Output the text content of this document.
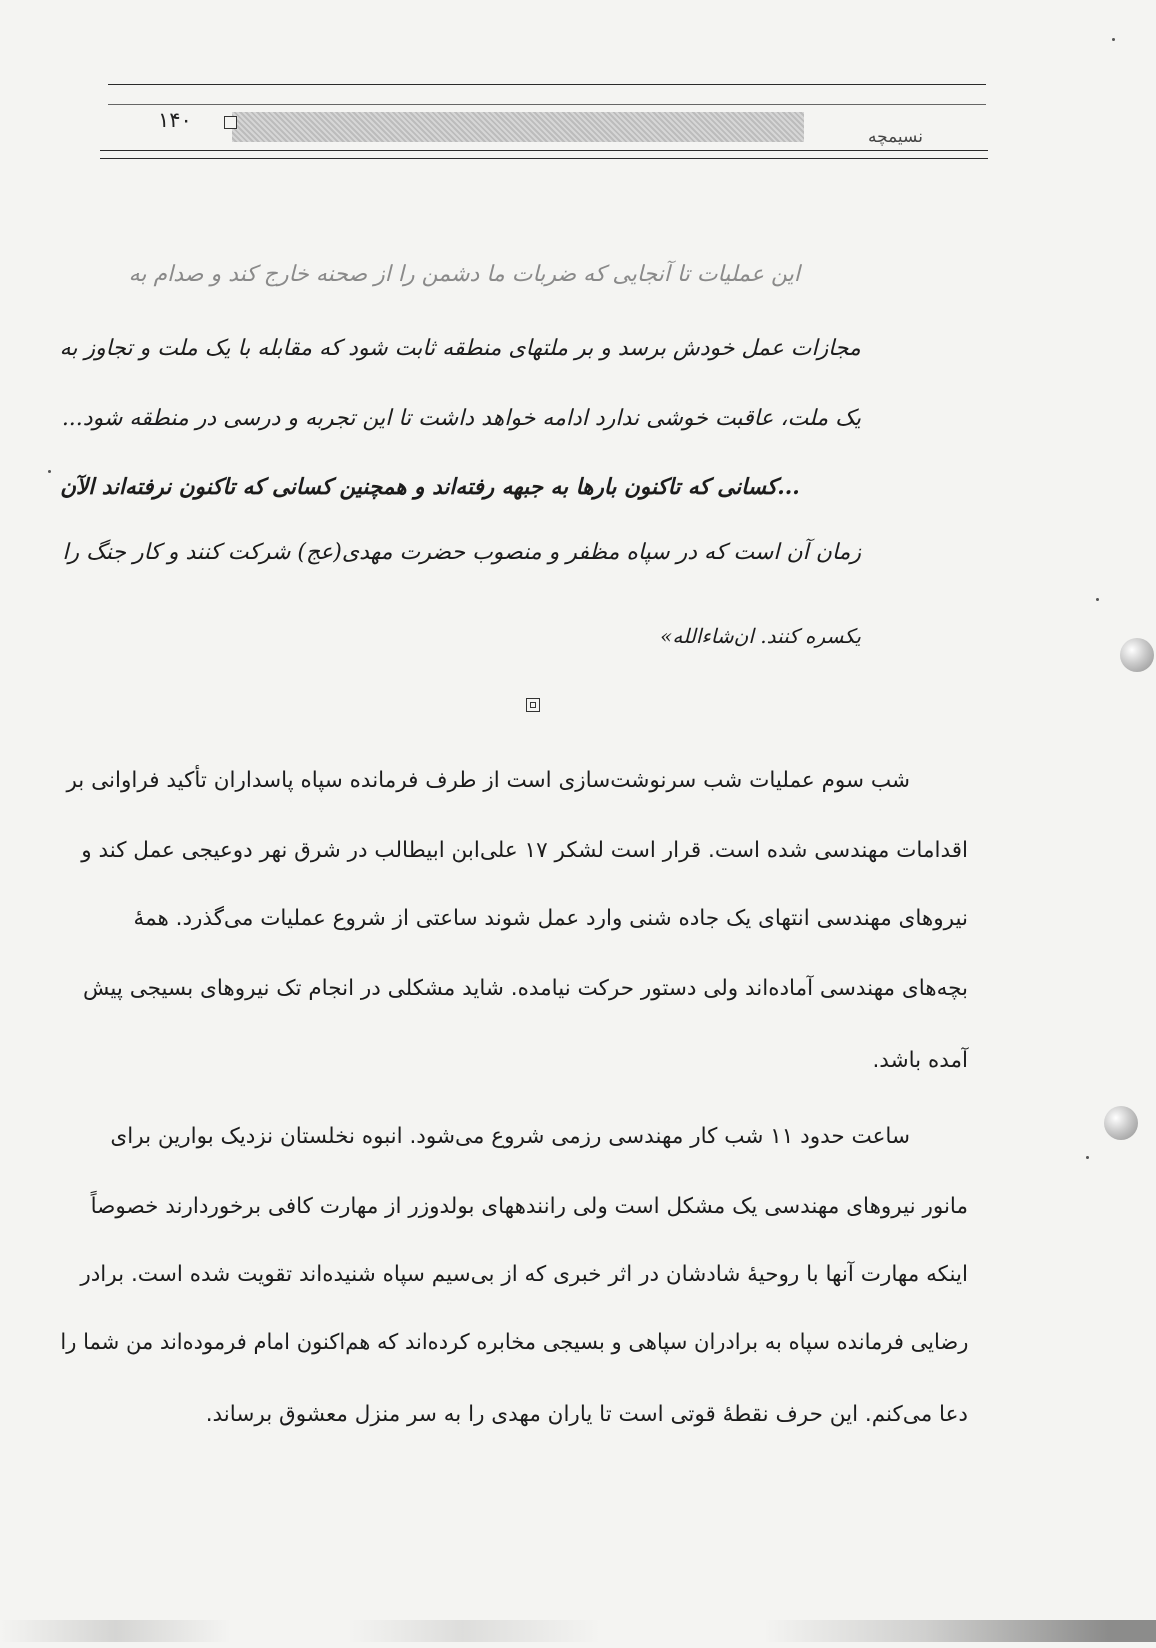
۱۴۰
نسیمچه
این عملیات تا آنجایی که ضربات ما دشمن را از صحنه خارج کند و صدام به
مجازات عمل خودش برسد و بر ملتهای منطقه ثابت شود که مقابله با یک ملت و تجاوز به
یک ملت، عاقبت خوشی ندارد ادامه خواهد داشت تا این تجربه و درسی در منطقه شود...
...کسانی که تاکنون بارها به جبهه رفته‌اند و همچنین کسانی که تاکنون نرفته‌اند الآن
زمان آن است که در سپاه مظفر و منصوب حضرت مهدی(عج) شرکت کنند و کار جنگ را
یکسره کنند. ان‌شاءالله»
شب سوم عملیات شب سرنوشت‌سازی است از طرف فرمانده سپاه پاسداران تأکید فراوانی بر
اقدامات مهندسی شده است. قرار است لشکر ۱۷ علی‌ابن ابیطالب در شرق نهر دوعیجی عمل کند و
نیروهای مهندسی انتهای یک جاده شنی وارد عمل شوند ساعتی از شروع عملیات می‌گذرد. همهٔ
بچه‌های مهندسی آماده‌اند ولی دستور حرکت نیامده. شاید مشکلی در انجام تک نیروهای بسیجی پیش
آمده باشد.
ساعت حدود ۱۱ شب کار مهندسی رزمی شروع می‌شود. انبوه نخلستان نزدیک بوارین برای
مانور نیروهای مهندسی یک مشکل است ولی رانندههای بولدوزر از مهارت کافی برخوردارند خصوصاً
اینکه مهارت آنها با روحیهٔ شادشان در اثر خبری که از بی‌سیم سپاه شنیده‌اند تقویت شده است. برادر
رضایی فرمانده سپاه به برادران سپاهی و بسیجی مخابره کرده‌اند که هم‌اکنون امام فرموده‌اند من شما را
دعا می‌کنم. این حرف نقطهٔ قوتی است تا یاران مهدی را به سر منزل معشوق برساند.
